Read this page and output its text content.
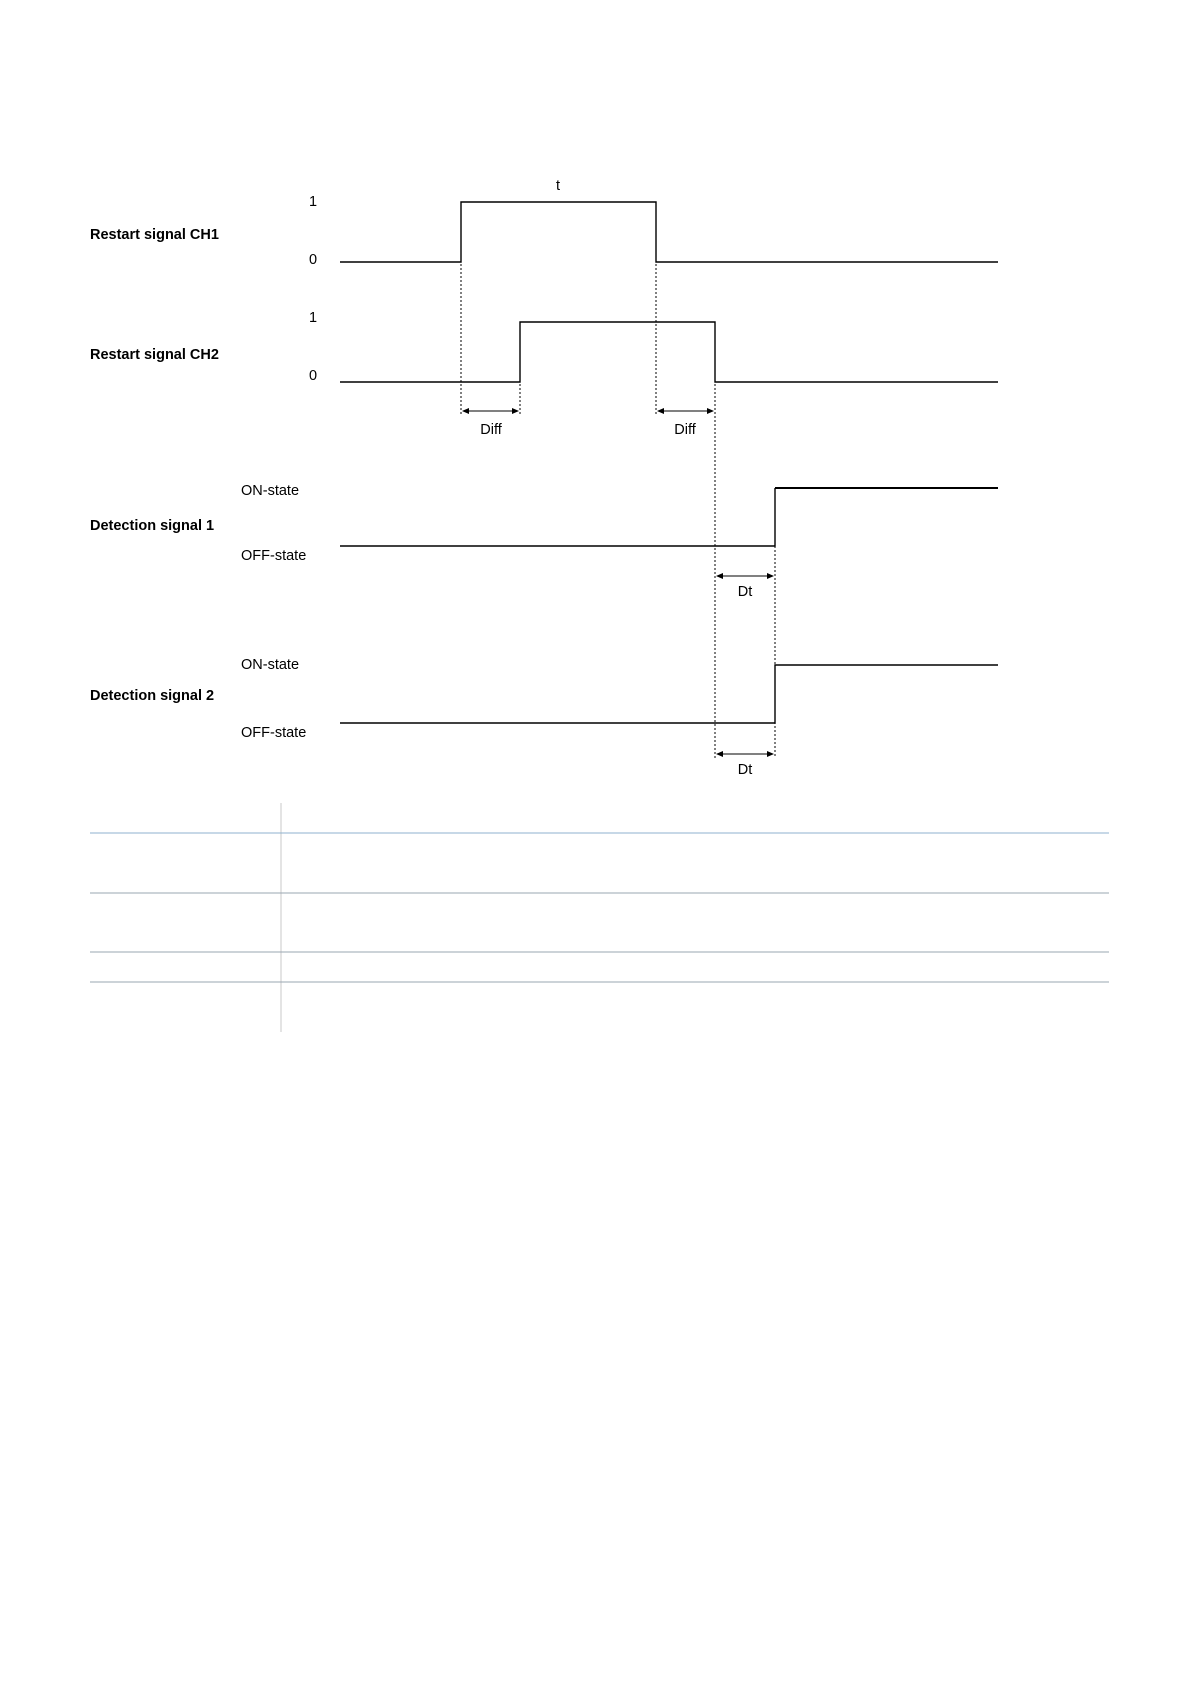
Restart signal CH1
1
0
t
Restart signal CH2
1
0
Diff	Diff
Detection signal 1
ON-state
OFF-state
Dt
Detection signal 2
ON-state
OFF-state
Dt
